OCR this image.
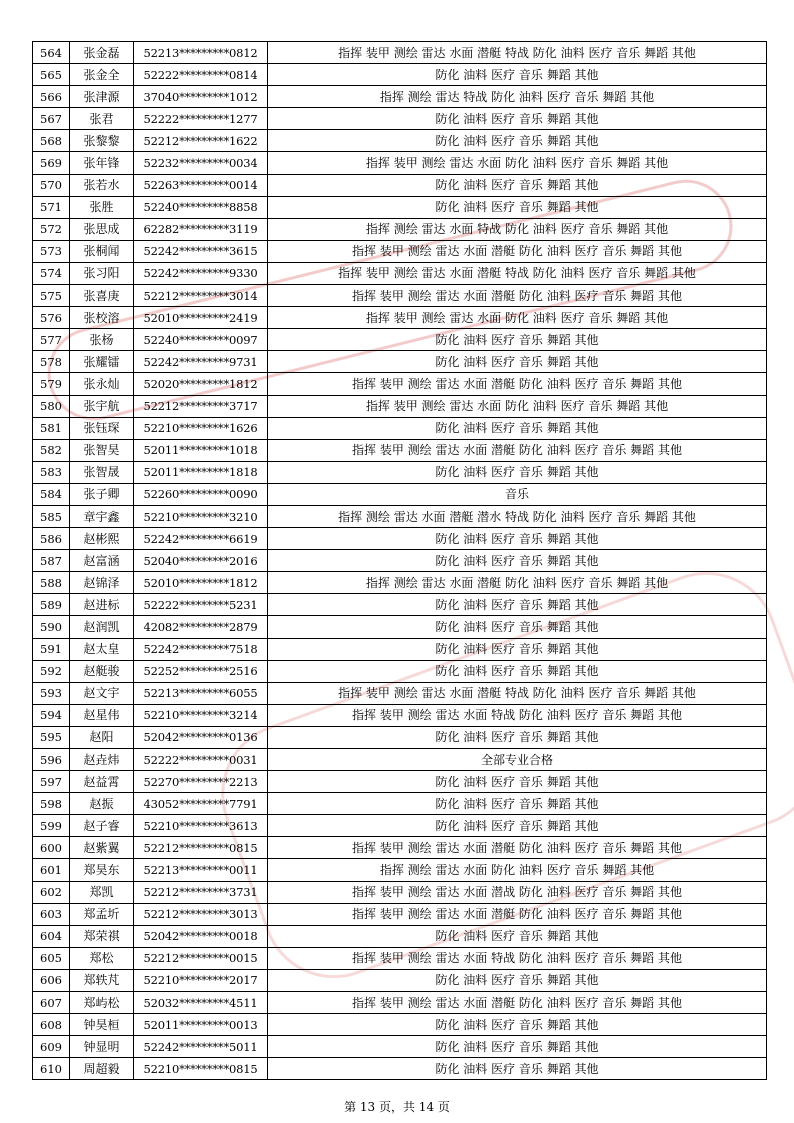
564	张金磊	52213*********0812	指挥 装甲 测绘 雷达 水面 潜艇 特战 防化 油料 医疗 音乐 舞蹈 其他
565	张金全	52222*********0814	防化 油料 医疗 音乐 舞蹈 其他
566	张津源	37040*********1012	指挥 测绘 雷达 特战 防化 油料 医疗 音乐 舞蹈 其他
567	张君	52222*********1277	防化 油料 医疗 音乐 舞蹈 其他
568	张黎黎	52212*********1622	防化 油料 医疗 音乐 舞蹈 其他
569	张年锋	52232*********0034	指挥 装甲 测绘 雷达 水面 防化 油料 医疗 音乐 舞蹈 其他
570	张若水	52263*********0014	防化 油料 医疗 音乐 舞蹈 其他
571	张胜	52240*********8858	防化 油料 医疗 音乐 舞蹈 其他
572	张思成	62282*********3119	指挥 测绘 雷达 水面 特战 防化 油料 医疗 音乐 舞蹈 其他
573	张桐闻	52242*********3615	指挥 装甲 测绘 雷达 水面 潜艇 防化 油料 医疗 音乐 舞蹈 其他
574	张习阳	52242*********9330	指挥 装甲 测绘 雷达 水面 潜艇 特战 防化 油料 医疗 音乐 舞蹈 其他
575	张喜庚	52212*********3014	指挥 装甲 测绘 雷达 水面 潜艇 防化 油料 医疗 音乐 舞蹈 其他
576	张校溶	52010*********2419	指挥 装甲 测绘 雷达 水面 防化 油料 医疗 音乐 舞蹈 其他
577	张杨	52240*********0097	防化 油料 医疗 音乐 舞蹈 其他
578	张耀镭	52242*********9731	防化 油料 医疗 音乐 舞蹈 其他
579	张永灿	52020*********1812	指挥 装甲 测绘 雷达 水面 潜艇 防化 油料 医疗 音乐 舞蹈 其他
580	张宇航	52212*********3717	指挥 装甲 测绘 雷达 水面 防化 油料 医疗 音乐 舞蹈 其他
581	张钰琛	52210*********1626	防化 油料 医疗 音乐 舞蹈 其他
582	张智昊	52011*********1018	指挥 装甲 测绘 雷达 水面 潜艇 防化 油料 医疗 音乐 舞蹈 其他
583	张智晟	52011*********1818	防化 油料 医疗 音乐 舞蹈 其他
584	张子卿	52260*********0090	音乐
585	章宇鑫	52210*********3210	指挥 测绘 雷达 水面 潜艇 潜水 特战 防化 油料 医疗 音乐 舞蹈 其他
586	赵彬熙	52242*********6619	防化 油料 医疗 音乐 舞蹈 其他
587	赵富涵	52040*********2016	防化 油料 医疗 音乐 舞蹈 其他
588	赵锦泽	52010*********1812	指挥 测绘 雷达 水面 潜艇 防化 油料 医疗 音乐 舞蹈 其他
589	赵进标	52222*********5231	防化 油料 医疗 音乐 舞蹈 其他
590	赵润凯	42082*********2879	防化 油料 医疗 音乐 舞蹈 其他
591	赵太皇	52242*********7518	防化 油料 医疗 音乐 舞蹈 其他
592	赵艇骏	52252*********2516	防化 油料 医疗 音乐 舞蹈 其他
593	赵文宇	52213*********6055	指挥 装甲 测绘 雷达 水面 潜艇 特战 防化 油料 医疗 音乐 舞蹈 其他
594	赵星伟	52210*********3214	指挥 装甲 测绘 雷达 水面 特战 防化 油料 医疗 音乐 舞蹈 其他
595	赵阳	52042*********0136	防化 油料 医疗 音乐 舞蹈 其他
596	赵垚炜	52222*********0031	全部专业合格
597	赵益霄	52270*********2213	防化 油料 医疗 音乐 舞蹈 其他
598	赵振	43052*********7791	防化 油料 医疗 音乐 舞蹈 其他
599	赵子睿	52210*********3613	防化 油料 医疗 音乐 舞蹈 其他
600	赵紫翼	52212*********0815	指挥 装甲 测绘 雷达 水面 潜艇 防化 油料 医疗 音乐 舞蹈 其他
601	郑昊东	52213*********0011	指挥 测绘 雷达 水面 防化 油料 医疗 音乐 舞蹈 其他
602	郑凯	52212*********3731	指挥 装甲 测绘 雷达 水面 潜战 防化 油料 医疗 音乐 舞蹈 其他
603	郑孟圻	52212*********3013	指挥 装甲 测绘 雷达 水面 潜艇 防化 油料 医疗 音乐 舞蹈 其他
604	郑荣祺	52042*********0018	防化 油料 医疗 音乐 舞蹈 其他
605	郑松	52212*********0015	指挥 装甲 测绘 雷达 水面 特战 防化 油料 医疗 音乐 舞蹈 其他
606	郑轶芃	52210*********2017	防化 油料 医疗 音乐 舞蹈 其他
607	郑屿松	52032*********4511	指挥 装甲 测绘 雷达 水面 潜艇 防化 油料 医疗 音乐 舞蹈 其他
608	钟昊桓	52011*********0013	防化 油料 医疗 音乐 舞蹈 其他
609	钟显明	52242*********5011	防化 油料 医疗 音乐 舞蹈 其他
610	周超毅	52210*********0815	防化 油料 医疗 音乐 舞蹈 其他
第 13 页，共 14 页
